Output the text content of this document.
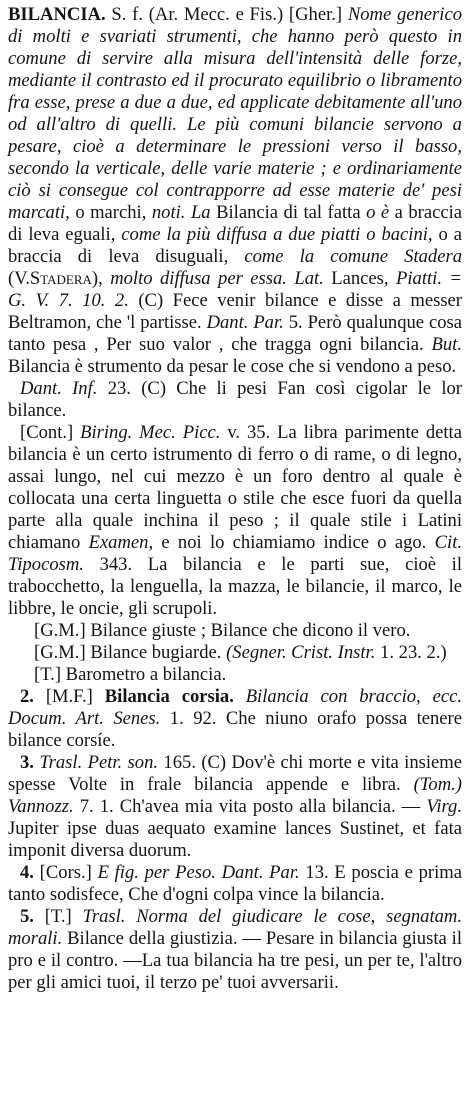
BILANCIA. S. f. (Ar. Mecc. e Fis.) [Gher.] Nome generico di molti e svariati strumenti, che hanno però questo in comune di servire alla misura dell'intensità delle forze, mediante il contrasto ed il procurato equilibrio o libramento fra esse, prese a due a due, ed applicate debitamente all'uno od all'altro di quelli. Le più comuni bilancie servono a pesare, cioè a determinare le pressioni verso il basso, secondo la verticale, delle varie materie ; e ordinariamente ciò si consegue col contrapporre ad esse materie de' pesi marcati, o marchi, noti. La Bilancia di tal fatta o è a braccia di leva eguali, come la più diffusa a due piatti o bacini, o a braccia di leva disuguali, come la comune Stadera (V.Stadera), molto diffusa per essa. Lat. Lances, Piatti. = G. V. 7. 10. 2. (C) Fece venir bilance e disse a messer Beltramon, che 'l partisse. Dant. Par. 5. Però qualunque cosa tanto pesa , Per suo valor , che tragga ogni bilancia. But. Bilancia è strumento da pesar le cose che si vendono a peso.

Dant. Inf. 23. (C) Che li pesi Fan così cigolar le lor bilance.

[Cont.] Biring. Mec. Picc. v. 35. La libra parimente detta bilancia è un certo istrumento di ferro o di rame, o di legno, assai lungo, nel cui mezzo è un foro dentro al quale è collocata una certa linguetta o stile che esce fuori da quella parte alla quale inchina il peso ; il quale stile i Latini chiamano Examen, e noi lo chiamiamo indice o ago. Cit. Tipocosm. 343. La bilancia e le parti sue, cioè il trabocchetto, la lenguella, la mazza, le bilancie, il marco, le libbre, le oncie, gli scrupoli.

[G.M.] Bilance giuste ; Bilance che dicono il vero.

[G.M.] Bilance bugiarde. (Segner. Crist. Instr. 1. 23. 2.)

[T.] Barometro a bilancia.

2. [M.F.] Bilancia corsia. Bilancia con braccio, ecc. Docum. Art. Senes. 1. 92. Che niuno orafo possa tenere bilance corsíe.

3. Trasl. Petr. son. 165. (C) Dov'è chi morte e vita insieme spesse Volte in frale bilancia appende e libra. (Tom.) Vannozz. 7. 1. Ch'avea mia vita posto alla bilancia. — Virg. Jupiter ipse duas aequato examine lances Sustinet, et fata imponit diversa duorum.

4. [Cors.] E fig. per Peso. Dant. Par. 13. E poscia e prima tanto sodisfece, Che d'ogni colpa vince la bilancia.

5. [T.] Trasl. Norma del giudicare le cose, segnatam. morali. Bilance della giustizia. — Pesare in bilancia giusta il pro e il contro. —La tua bilancia ha tre pesi, un per te, l'altro per gli amici tuoi, il terzo pe' tuoi avversarii.
